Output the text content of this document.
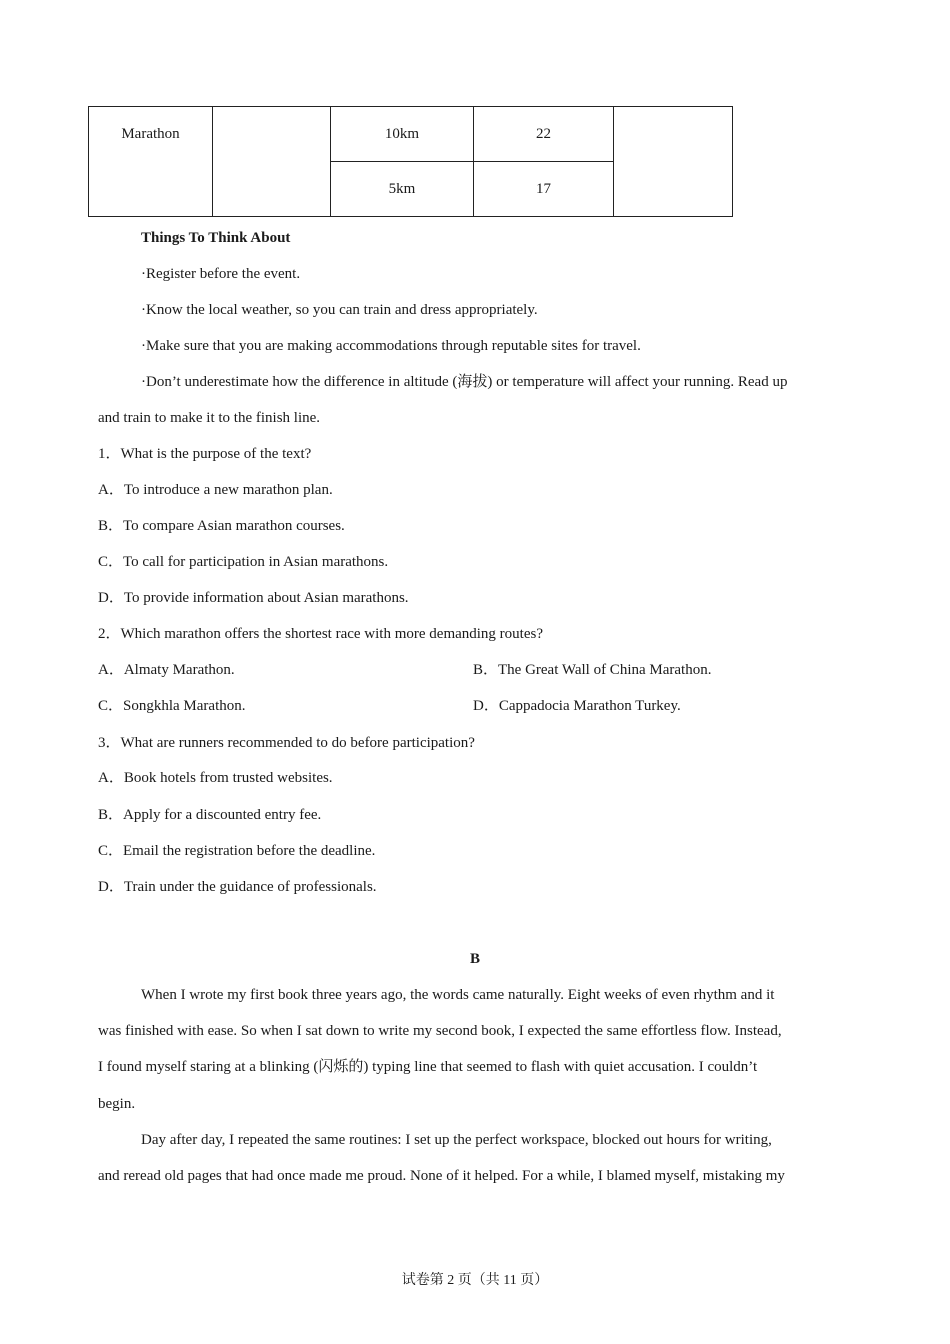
Marathon		10km	22	
		5km	17	
Things To Think About
·Register before the event.
·Know the local weather, so you can train and dress appropriately.
·Make sure that you are making accommodations through reputable sites for travel.
·Don’t underestimate how the difference in altitude (海拔) or temperature will affect your running. Read up
and train to make it to the finish line.
1．What is the purpose of the text?
A．To introduce a new marathon plan.
B．To compare Asian marathon courses.
C．To call for participation in Asian marathons.
D．To provide information about Asian marathons.
2．Which marathon offers the shortest race with more demanding routes?
A．Almaty Marathon.	B．The Great Wall of China Marathon.
C．Songkhla Marathon.	D．Cappadocia Marathon Turkey.
3．What are runners recommended to do before participation?
A．Book hotels from trusted websites.
B．Apply for a discounted entry fee.
C．Email the registration before the deadline.
D．Train under the guidance of professionals.
B
When I wrote my first book three years ago, the words came naturally. Eight weeks of even rhythm and it
was finished with ease. So when I sat down to write my second book, I expected the same effortless flow. Instead,
I found myself staring at a blinking (闪烁的) typing line that seemed to flash with quiet accusation. I couldn’t
begin.
Day after day, I repeated the same routines: I set up the perfect workspace, blocked out hours for writing,
and reread old pages that had once made me proud. None of it helped. For a while, I blamed myself, mistaking my
试卷第 2 页（共 11 页）
